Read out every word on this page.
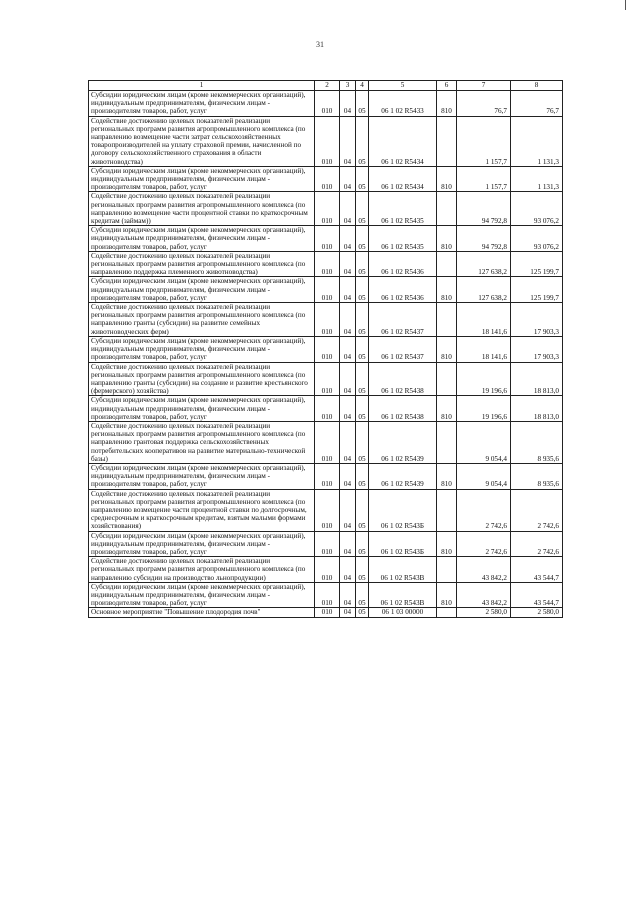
31
1	2	3	4	5	6	7	8
Субсидии юридическим лицам (кроме некоммерческих организаций), индивидуальным предпринимателям, физическим лицам - производителям товаров, работ, услуг	010	04	05	06 1 02 R5433	810	76,7	76,7
Содействие достижению целевых показателей реализации региональных программ развития агропромышленного комплекса (по направлению возмещение части затрат сельскохозяйственных товаропроизводителей на уплату страховой премии, начисленной по договору сельскохозяйственного страхования в области животноводства)	010	04	05	06 1 02 R5434		1 157,7	1 131,3
Субсидии юридическим лицам (кроме некоммерческих организаций), индивидуальным предпринимателям, физическим лицам - производителям товаров, работ, услуг	010	04	05	06 1 02 R5434	810	1 157,7	1 131,3
Содействие достижению целевых показателей реализации региональных программ развития агропромышленного комплекса (по направлению возмещение части процентной ставки по краткосрочным кредитам (займам))	010	04	05	06 1 02 R5435		94 792,8	93 076,2
Субсидии юридическим лицам (кроме некоммерческих организаций), индивидуальным предпринимателям, физическим лицам - производителям товаров, работ, услуг	010	04	05	06 1 02 R5435	810	94 792,8	93 076,2
Содействие достижению целевых показателей реализации региональных программ развития агропромышленного комплекса (по направлению поддержка племенного животноводства)	010	04	05	06 1 02 R5436		127 638,2	125 199,7
Субсидии юридическим лицам (кроме некоммерческих организаций), индивидуальным предпринимателям, физическим лицам - производителям товаров, работ, услуг	010	04	05	06 1 02 R5436	810	127 638,2	125 199,7
Содействие достижению целевых показателей реализации региональных программ развития агропромышленного комплекса (по направлению гранты (субсидии) на развитие семейных животноводческих ферм)	010	04	05	06 1 02 R5437		18 141,6	17 903,3
Субсидии юридическим лицам (кроме некоммерческих организаций), индивидуальным предпринимателям, физическим лицам - производителям товаров, работ, услуг	010	04	05	06 1 02 R5437	810	18 141,6	17 903,3
Содействие достижению целевых показателей реализации региональных программ развития агропромышленного комплекса (по направлению гранты (субсидии) на создание и развитие крестьянского (фермерского) хозяйства)	010	04	05	06 1 02 R5438		19 196,6	18 813,0
Субсидии юридическим лицам (кроме некоммерческих организаций), индивидуальным предпринимателям, физическим лицам - производителям товаров, работ, услуг	010	04	05	06 1 02 R5438	810	19 196,6	18 813,0
Содействие достижению целевых показателей реализации региональных программ развития агропромышленного комплекса (по направлению грантовая поддержка сельскохозяйственных потребительских кооперативов на развитие материально-технической базы)	010	04	05	06 1 02 R5439		9 054,4	8 935,6
Субсидии юридическим лицам (кроме некоммерческих организаций), индивидуальным предпринимателям, физическим лицам - производителям товаров, работ, услуг	010	04	05	06 1 02 R5439	810	9 054,4	8 935,6
Содействие достижению целевых показателей реализации региональных программ развития агропромышленного комплекса (по направлению возмещение части процентной ставки по долгосрочным, среднесрочным и краткосрочным кредитам, взятым малыми формами хозяйствования)	010	04	05	06 1 02 R543Б		2 742,6	2 742,6
Субсидии юридическим лицам (кроме некоммерческих организаций), индивидуальным предпринимателям, физическим лицам - производителям товаров, работ, услуг	010	04	05	06 1 02 R543Б	810	2 742,6	2 742,6
Содействие достижению целевых показателей реализации региональных программ развития агропромышленного комплекса (по направлению субсидии на производство льнопродукции)	010	04	05	06 1 02 R543В		43 842,2	43 544,7
Субсидии юридическим лицам (кроме некоммерческих организаций), индивидуальным предпринимателям, физическим лицам - производителям товаров, работ, услуг	010	04	05	06 1 02 R543В	810	43 842,2	43 544,7
Основное мероприятие "Повышение плодородия почв"	010	04	05	06 1 03 00000		2 580,0	2 580,0
